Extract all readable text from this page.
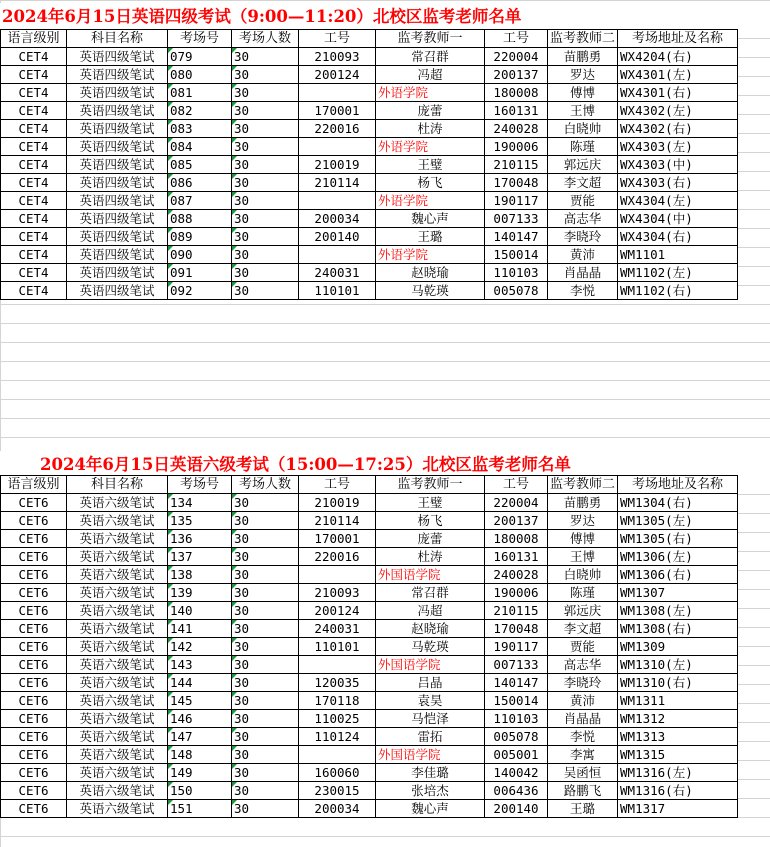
2024年6月15日英语四级考试（9:00—11:20）北校区监考老师名单
语言级别	科目名称	考场号	考场人数	工号	监考教师一	工号	监考教师二	考场地址及名称
CET4	英语四级笔试	079	30	210093	常召群	220004	苗鹏勇	WX4204(右)
CET4	英语四级笔试	080	30	200124	冯超	200137	罗达	WX4301(左)
CET4	英语四级笔试	081	30		外语学院	180008	傅博	WX4301(右)
CET4	英语四级笔试	082	30	170001	庞蕾	160131	王博	WX4302(左)
CET4	英语四级笔试	083	30	220016	杜涛	240028	白晓帅	WX4302(右)
CET4	英语四级笔试	084	30		外语学院	190006	陈瑾	WX4303(左)
CET4	英语四级笔试	085	30	210019	王璧	210115	郭远庆	WX4303(中)
CET4	英语四级笔试	086	30	210114	杨飞	170048	李文超	WX4303(右)
CET4	英语四级笔试	087	30		外语学院	190117	贾能	WX4304(左)
CET4	英语四级笔试	088	30	200034	魏心声	007133	高志华	WX4304(中)
CET4	英语四级笔试	089	30	200140	王璐	140147	李晓玲	WX4304(右)
CET4	英语四级笔试	090	30		外语学院	150014	黄沛	WM1101
CET4	英语四级笔试	091	30	240031	赵晓瑜	110103	肖晶晶	WM1102(左)
CET4	英语四级笔试	092	30	110101	马乾瑛	005078	李悦	WM1102(右)
2024年6月15日英语六级考试（15:00—17:25）北校区监考老师名单
语言级别	科目名称	考场号	考场人数	工号	监考教师一	工号	监考教师二	考场地址及名称
CET6	英语六级笔试	134	30	210019	王璧	220004	苗鹏勇	WM1304(右)
CET6	英语六级笔试	135	30	210114	杨飞	200137	罗达	WM1305(左)
CET6	英语六级笔试	136	30	170001	庞蕾	180008	傅博	WM1305(右)
CET6	英语六级笔试	137	30	220016	杜涛	160131	王博	WM1306(左)
CET6	英语六级笔试	138	30		外国语学院	240028	白晓帅	WM1306(右)
CET6	英语六级笔试	139	30	210093	常召群	190006	陈瑾	WM1307
CET6	英语六级笔试	140	30	200124	冯超	210115	郭远庆	WM1308(左)
CET6	英语六级笔试	141	30	240031	赵晓瑜	170048	李文超	WM1308(右)
CET6	英语六级笔试	142	30	110101	马乾瑛	190117	贾能	WM1309
CET6	英语六级笔试	143	30		外国语学院	007133	高志华	WM1310(左)
CET6	英语六级笔试	144	30	120035	吕晶	140147	李晓玲	WM1310(右)
CET6	英语六级笔试	145	30	170118	袁昊	150014	黄沛	WM1311
CET6	英语六级笔试	146	30	110025	马恺泽	110103	肖晶晶	WM1312
CET6	英语六级笔试	147	30	110124	雷拓	005078	李悦	WM1313
CET6	英语六级笔试	148	30		外国语学院	005001	李寓	WM1315
CET6	英语六级笔试	149	30	160060	李佳璐	140042	吴函恒	WM1316(左)
CET6	英语六级笔试	150	30	230015	张培杰	006436	路鹏飞	WM1316(右)
CET6	英语六级笔试	151	30	200034	魏心声	200140	王璐	WM1317
